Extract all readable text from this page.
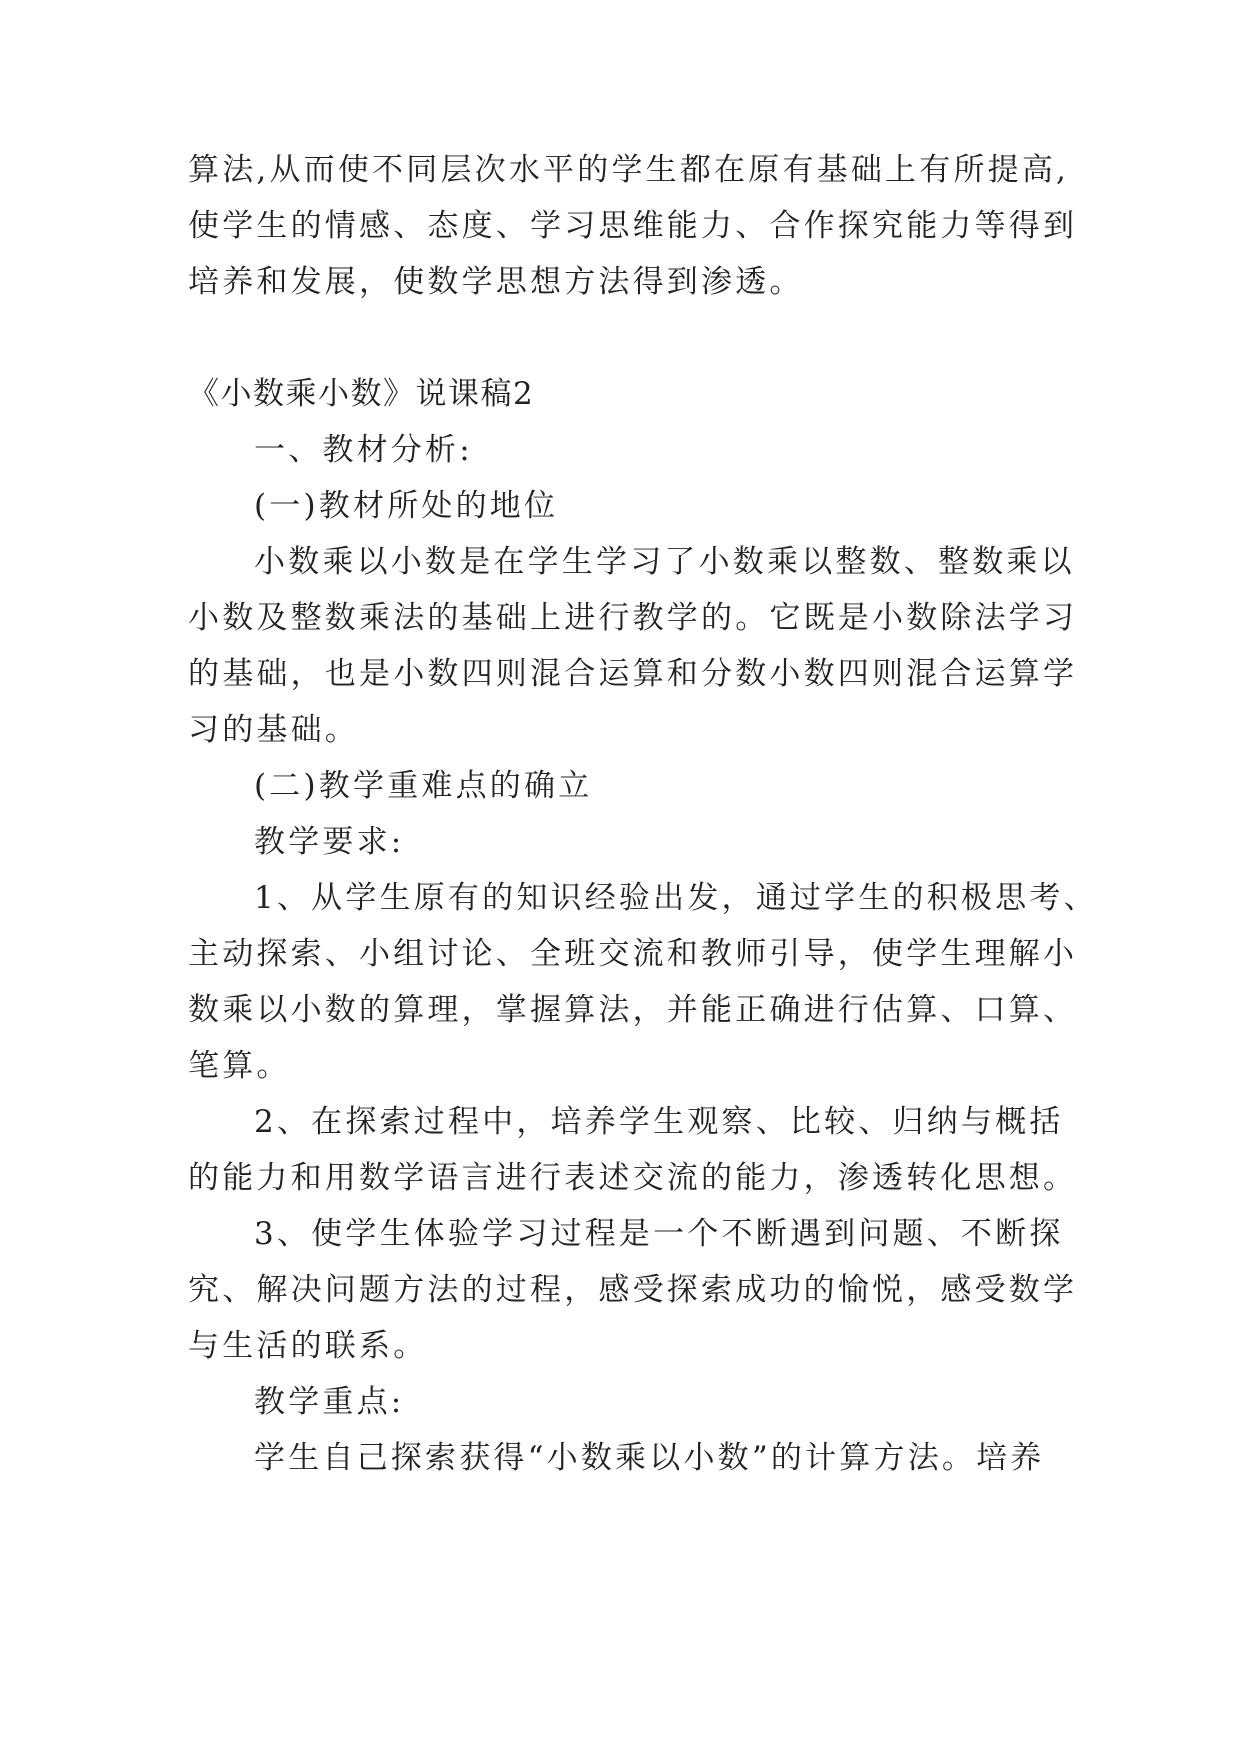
算法,从而使不同层次水平的学生都在原有基础上有所提高,
使学生的情感、态度、学习思维能力、合作探究能力等得到
培养和发展，使数学思想方法得到渗透。
《小数乘小数》说课稿2
一、教材分析:
(一)教材所处的地位
小数乘以小数是在学生学习了小数乘以整数、整数乘以
小数及整数乘法的基础上进行教学的。它既是小数除法学习
的基础，也是小数四则混合运算和分数小数四则混合运算学
习的基础。
(二)教学重难点的确立
教学要求:
1、从学生原有的知识经验出发，通过学生的积极思考、
主动探索、小组讨论、全班交流和教师引导，使学生理解小
数乘以小数的算理，掌握算法，并能正确进行估算、口算、
笔算。
2、在探索过程中，培养学生观察、比较、归纳与概括
的能力和用数学语言进行表述交流的能力，渗透转化思想。
3、使学生体验学习过程是一个不断遇到问题、不断探
究、解决问题方法的过程，感受探索成功的愉悦，感受数学
与生活的联系。
教学重点:
学生自己探索获得“小数乘以小数”的计算方法。培养
